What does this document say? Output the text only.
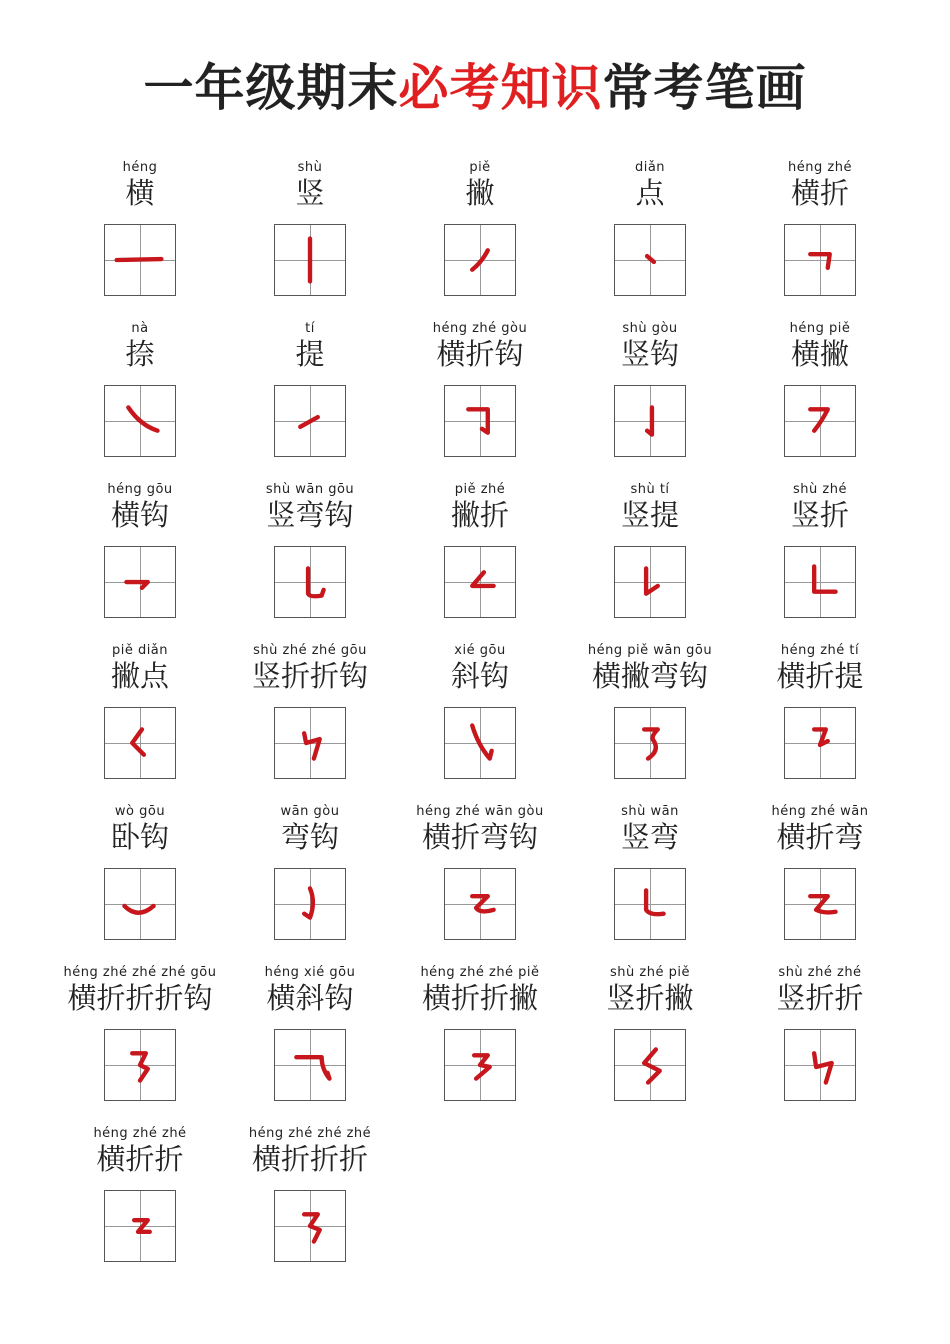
一年级期末必考知识常考笔画
héng
横
shù
竖
piě
撇
diǎn
点
héng zhé
横折
nà
捺
tí
提
héng zhé gòu
横折钩
shù gòu
竖钩
héng piě
横撇
héng gōu
横钩
shù wān gōu
竖弯钩
piě zhé
撇折
shù tí
竖提
shù zhé
竖折
piě diǎn
撇点
shù zhé zhé gōu
竖折折钩
xié gōu
斜钩
héng piě wān gōu
横撇弯钩
héng zhé tí
横折提
wò gōu
卧钩
wān gòu
弯钩
héng zhé wān gòu
横折弯钩
shù wān
竖弯
héng zhé wān
横折弯
héng zhé zhé zhé gōu
横折折折钩
héng xié gōu
横斜钩
héng zhé zhé piě
横折折撇
shù zhé piě
竖折撇
shù zhé zhé
竖折折
héng zhé zhé
横折折
héng zhé zhé zhé
横折折折
